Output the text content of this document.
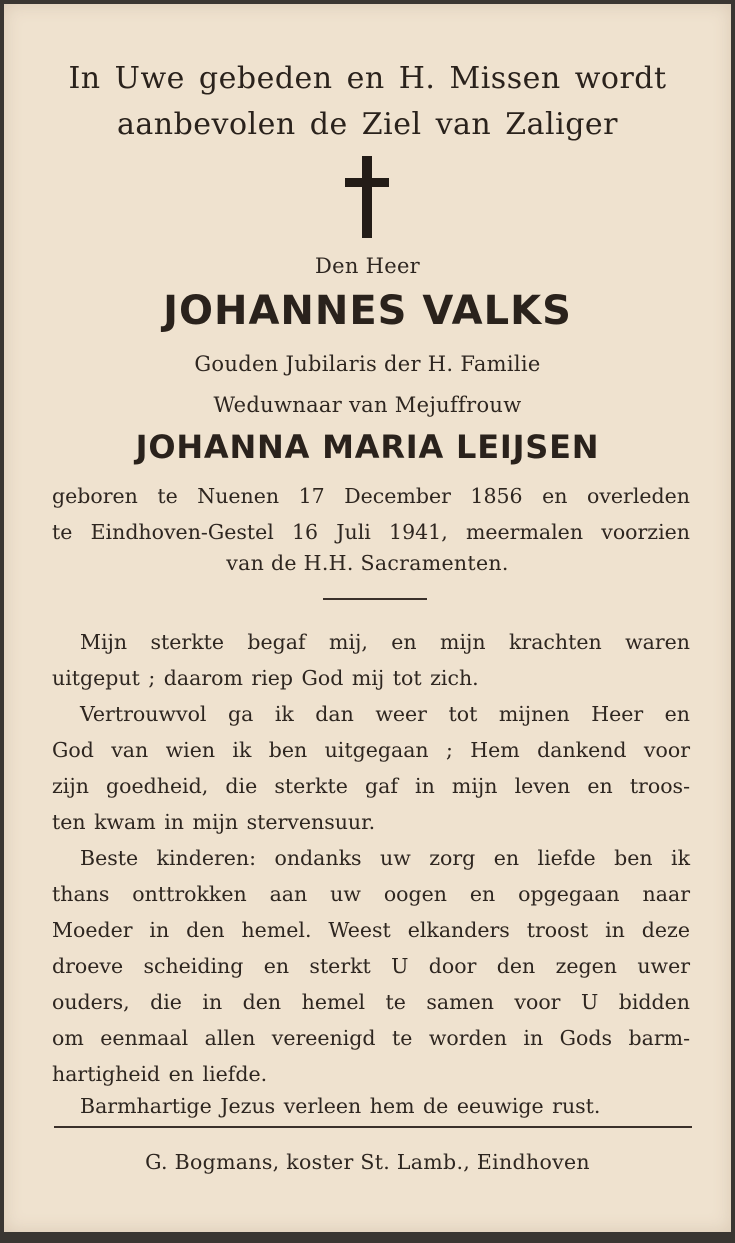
In Uwe gebeden en H. Missen wordt
aanbevolen de Ziel van Zaliger
Den Heer
JOHANNES VALKS
Gouden Jubilaris der H. Familie
Weduwnaar van Mejuffrouw
JOHANNA MARIA LEIJSEN
geboren te Nuenen 17 December 1856 en overleden
te Eindhoven-Gestel 16 Juli 1941, meermalen voorzien
van de H.H. Sacramenten.
Mijn sterkte begaf mij, en mijn krachten waren
uitgeput ; daarom riep God mij tot zich.
Vertrouwvol ga ik dan weer tot mijnen Heer en
God van wien ik ben uitgegaan ; Hem dankend voor
zijn goedheid, die sterkte gaf in mijn leven en troos-
ten kwam in mijn stervensuur.
Beste kinderen: ondanks uw zorg en liefde ben ik
thans onttrokken aan uw oogen en opgegaan naar
Moeder in den hemel. Weest elkanders troost in deze
droeve scheiding en sterkt U door den zegen uwer
ouders, die in den hemel te samen voor U bidden
om eenmaal allen vereenigd te worden in Gods barm-
hartigheid en liefde.
Barmhartige Jezus verleen hem de eeuwige rust.
G. Bogmans, koster St. Lamb., Eindhoven
